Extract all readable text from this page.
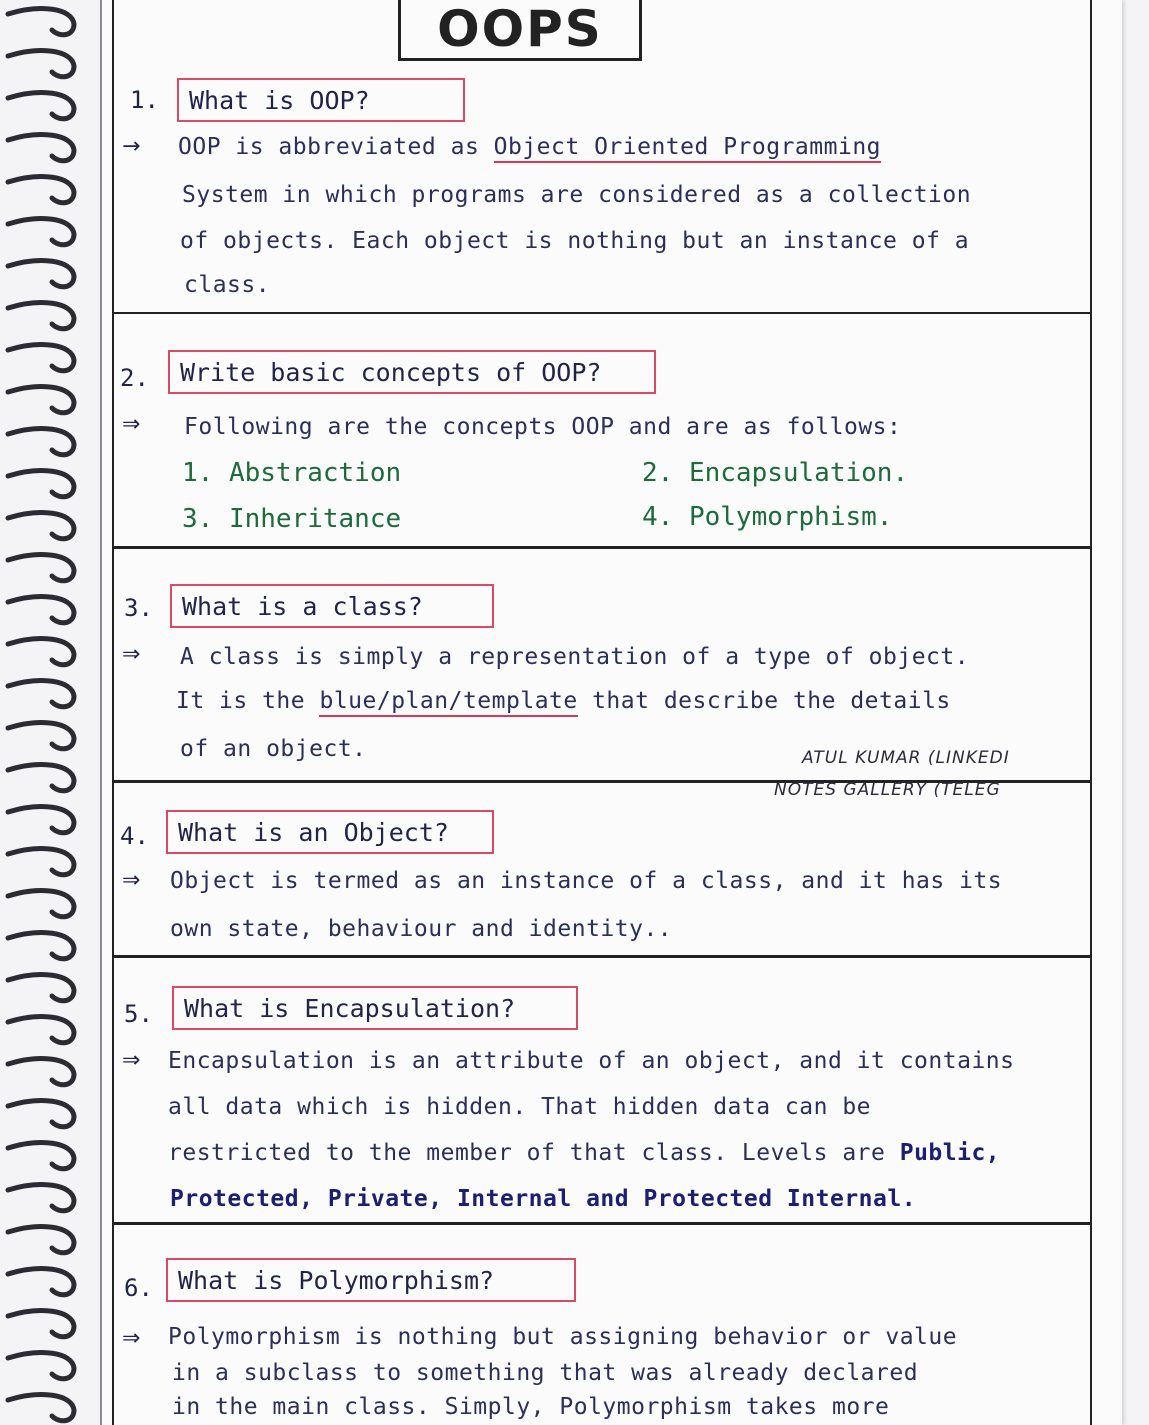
OOPS
1.	What is OOP?
→ OOP is abbreviated as Object Oriented Programming
System in which programs are considered as a collection
of objects. Each object is nothing but an instance of a
class.
2.	Write basic concepts of OOP?
⇒ Following are the concepts OOP and are as follows:
1. Abstraction	2. Encapsulation.
3. Inheritance	4. Polymorphism.
3.	What is a class?
⇒ A class is simply a representation of a type of object.
It is the blue/plan/template that describe the details
of an object.	ATUL KUMAR (LINKEDI
NOTES GALLERY (TELEG
4.	What is an Object?
⇒ Object is termed as an instance of a class, and it has its
own state, behaviour and identity..
5.	What is Encapsulation?
⇒ Encapsulation is an attribute of an object, and it contains
all data which is hidden. That hidden data can be
restricted to the member of that class. Levels are Public,
Protected, Private, Internal and Protected Internal.
6.	What is Polymorphism?
⇒ Polymorphism is nothing but assigning behavior or value
in a subclass to something that was already declared
in the main class. Simply, Polymorphism takes more
